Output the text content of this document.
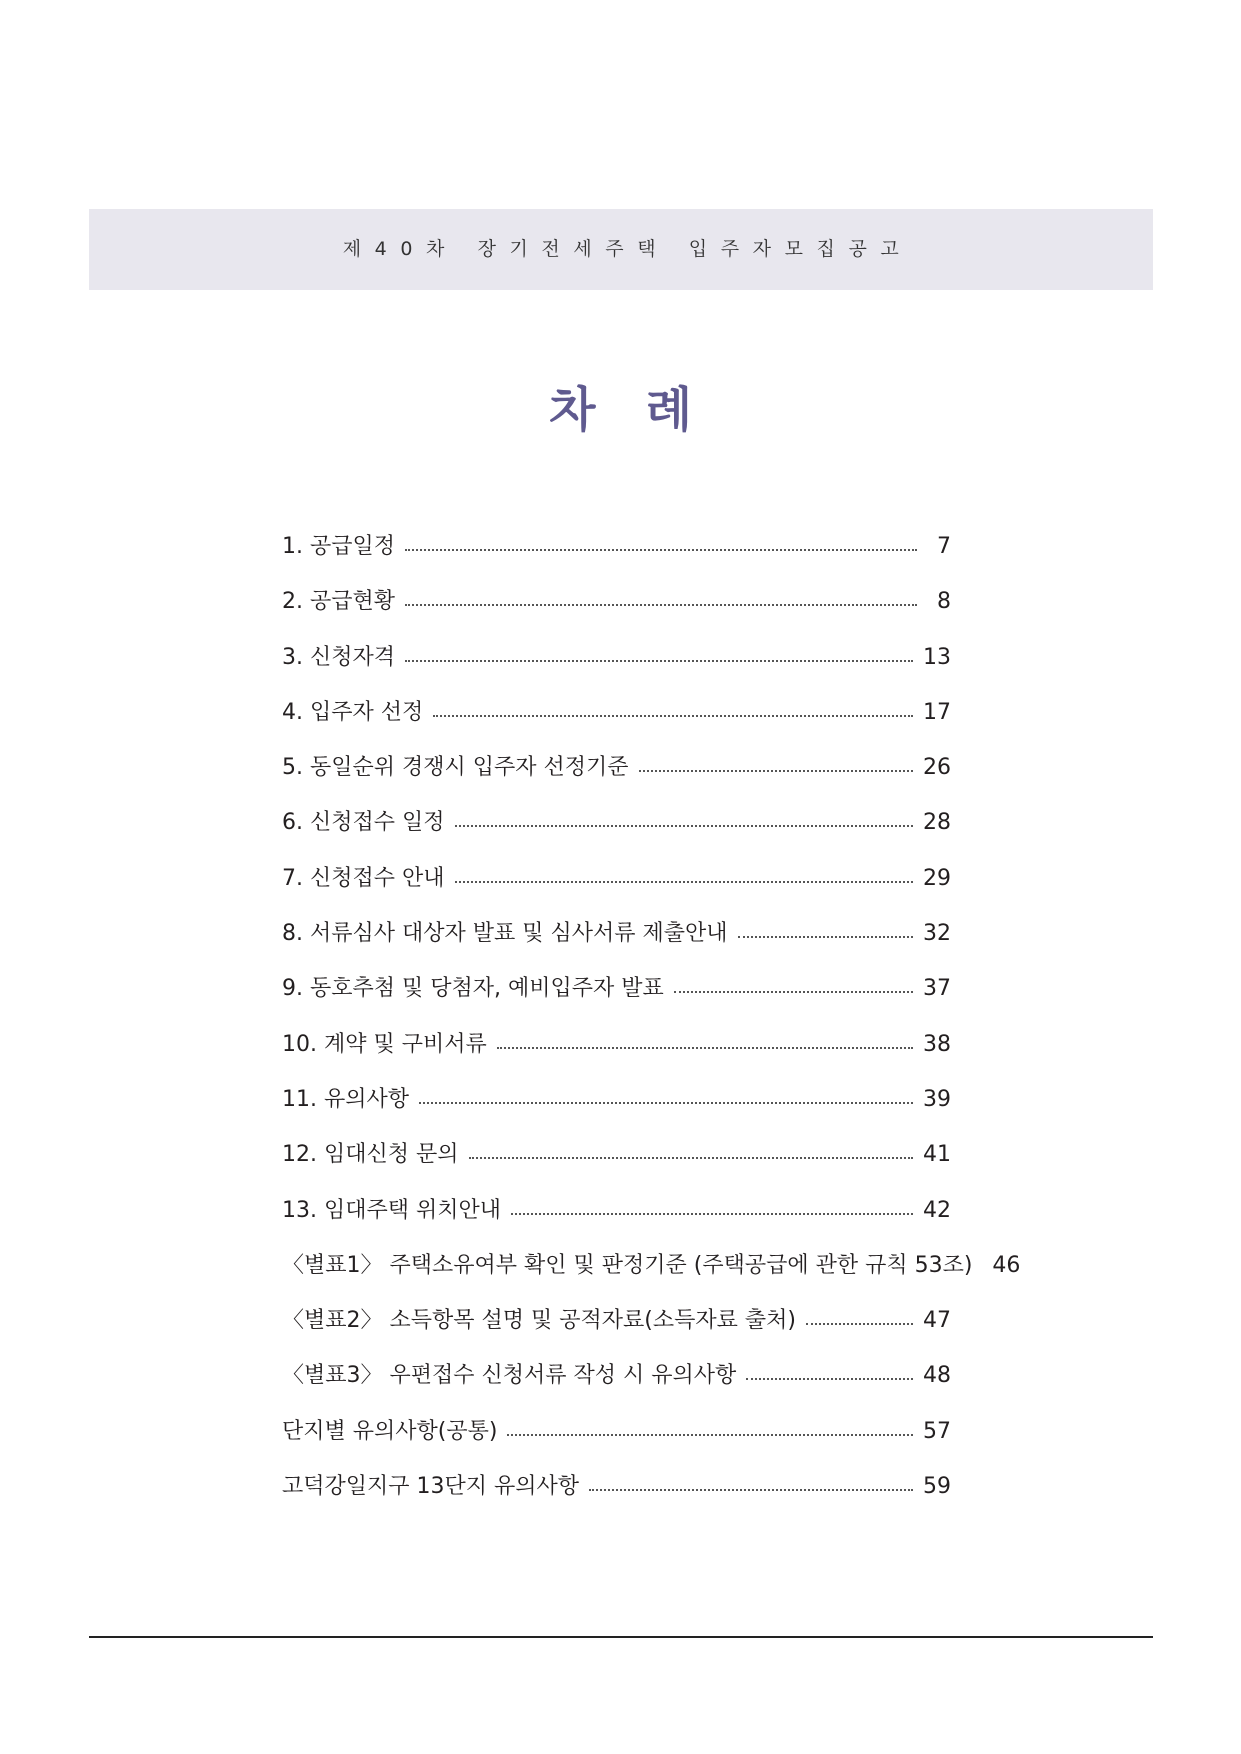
제  4  0  차     장  기  전  세  주  택     입  주  자  모  집  공  고
차   례
1. 공급일정	7
2. 공급현황	8
3. 신청자격	13
4. 입주자 선정	17
5. 동일순위 경쟁시 입주자 선정기준	26
6. 신청접수 일정	28
7. 신청접수 안내	29
8. 서류심사 대상자 발표 및 심사서류 제출안내	32
9. 동호추첨 및 당첨자, 예비입주자 발표	37
10. 계약 및 구비서류	38
11. 유의사항	39
12. 임대신청 문의	41
13. 임대주택 위치안내	42
〈별표1〉 주택소유여부 확인 및 판정기준 (주택공급에 관한 규칙 53조) 46
〈별표2〉 소득항목 설명 및 공적자료(소득자료 출처)	47
〈별표3〉 우편접수 신청서류 작성 시 유의사항	48
단지별 유의사항(공통)	57
고덕강일지구 13단지 유의사항	59
